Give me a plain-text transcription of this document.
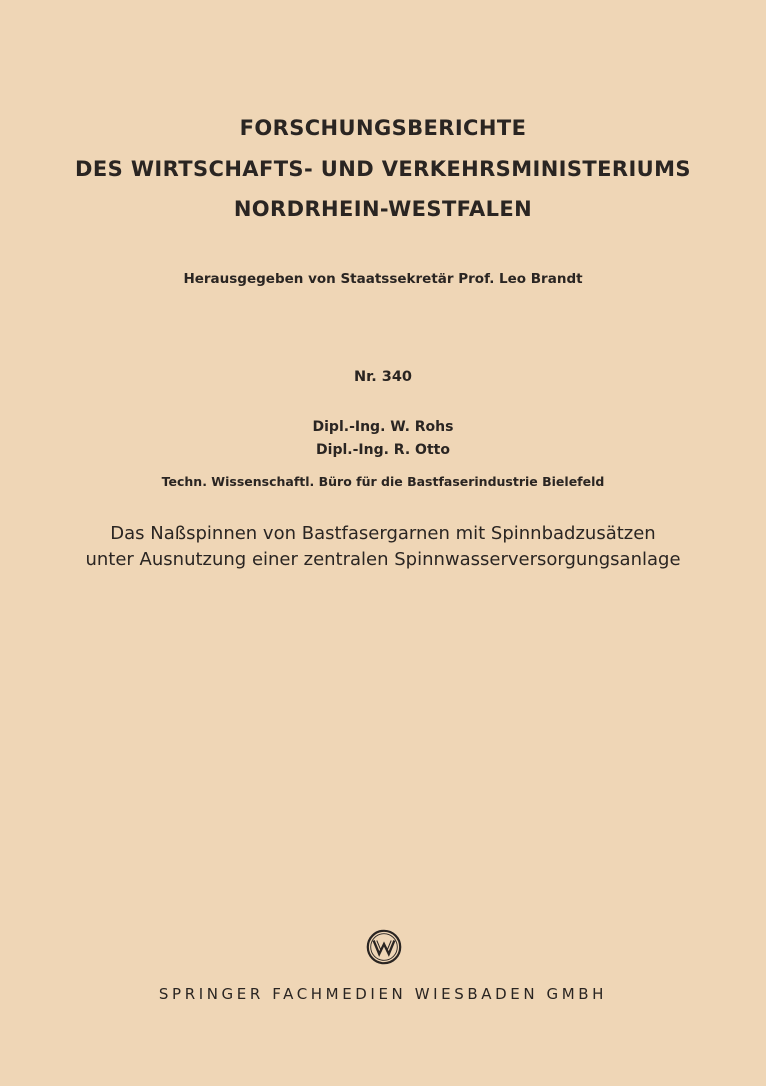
FORSCHUNGSBERICHTE
DES WIRTSCHAFTS- UND VERKEHRSMINISTERIUMS
NORDRHEIN-WESTFALEN
Herausgegeben von Staatssekretär Prof. Leo Brandt
Nr. 340
Dipl.-Ing. W. Rohs
Dipl.-Ing. R. Otto
Techn. Wissenschaftl. Büro für die Bastfaserindustrie Bielefeld
Das Naßspinnen von Bastfasergarnen mit Spinnbadzusätzen
unter Ausnutzung einer zentralen Spinnwasserversorgungsanlage
SPRINGER FACHMEDIEN WIESBADEN GMBH
